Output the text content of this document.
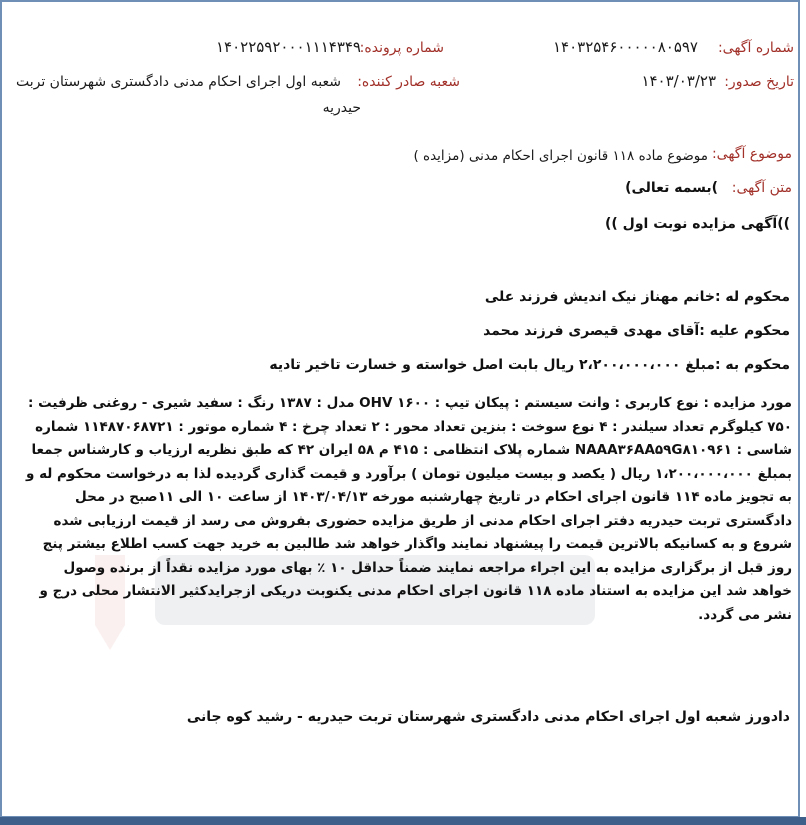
شماره آگهی:
۱۴۰۳۲۵۴۶۰۰۰۰۰۸۰۵۹۷
شماره پرونده:
۱۴۰۲۲۵۹۲۰۰۰۱۱۱۴۳۴۹
تاریخ صدور:
۱۴۰۳/۰۳/۲۳
شعبه صادر کننده:
شعبه اول اجرای احکام مدنی دادگستری شهرستان تربت
حیدریه
موضوع آگهی:
موضوع ماده ۱۱۸ قانون اجرای احکام مدنی (مزایده )
متن آگهی:
)بسمه تعالی)
))آگهی مزایده نوبت اول ))
محکوم له :خانم مهناز نیک اندیش فرزند علی
محکوم علیه :آقای مهدی قیصری فرزند محمد
محکوم به :مبلغ ۲،۲۰۰،۰۰۰،۰۰۰ ریال بابت اصل خواسته و خسارت تاخیر تادیه
مورد مزایده : نوع کاربری : وانت سیستم : پیکان تیپ : ۱۶۰۰ OHV مدل : ۱۳۸۷ رنگ : سفید شیری - روغنی ظرفیت : ۷۵۰ کیلوگرم تعداد سیلندر : ۴ نوع سوخت : بنزین تعداد محور : ۲ تعداد چرخ : ۴ شماره موتور : ۱۱۴۸۷۰۶۸۷۲۱ شماره شاسی : NAAA۳۶AA۵۹G۸۱۰۹۶۱ شماره پلاک انتظامی : ۴۱۵ م ۵۸ ایران ۴۲ که طبق نظریه ارزیاب و کارشناس جمعا بمبلغ ۱،۲۰۰،۰۰۰،۰۰۰ ریال ( یکصد و بیست میلیون تومان ) برآورد و قیمت گذاری گردیده لذا به درخواست محکوم له و به تجویز ماده ۱۱۴ قانون اجرای احکام در تاریخ چهارشنبه مورخه ۱۴۰۳/۰۴/۱۳ از ساعت ۱۰ الی ۱۱صبح در محل دادگستری تربت حیدریه دفتر اجرای احکام مدنی از طریق مزایده حضوری بفروش می رسد از قیمت ارزیابی شده شروع و به کسانیکه بالاترین قیمت را پیشنهاد نمایند واگذار خواهد شد طالبین به خرید جهت کسب اطلاع بیشتر پنج روز قبل از برگزاری مزایده به این اجراء مراجعه نمایند ضمناً حداقل ۱۰ ٪ بهای مورد مزایده نقداً از برنده وصول خواهد شد این مزایده به استناد ماده ۱۱۸ قانون اجرای احکام مدنی یکنوبت دریکی ازجرایدکثیر الانتشار محلی درج و نشر می گردد.
دادورز شعبه اول اجرای احکام مدنی دادگستری شهرستان تربت حیدریه - رشید کوه جانی
